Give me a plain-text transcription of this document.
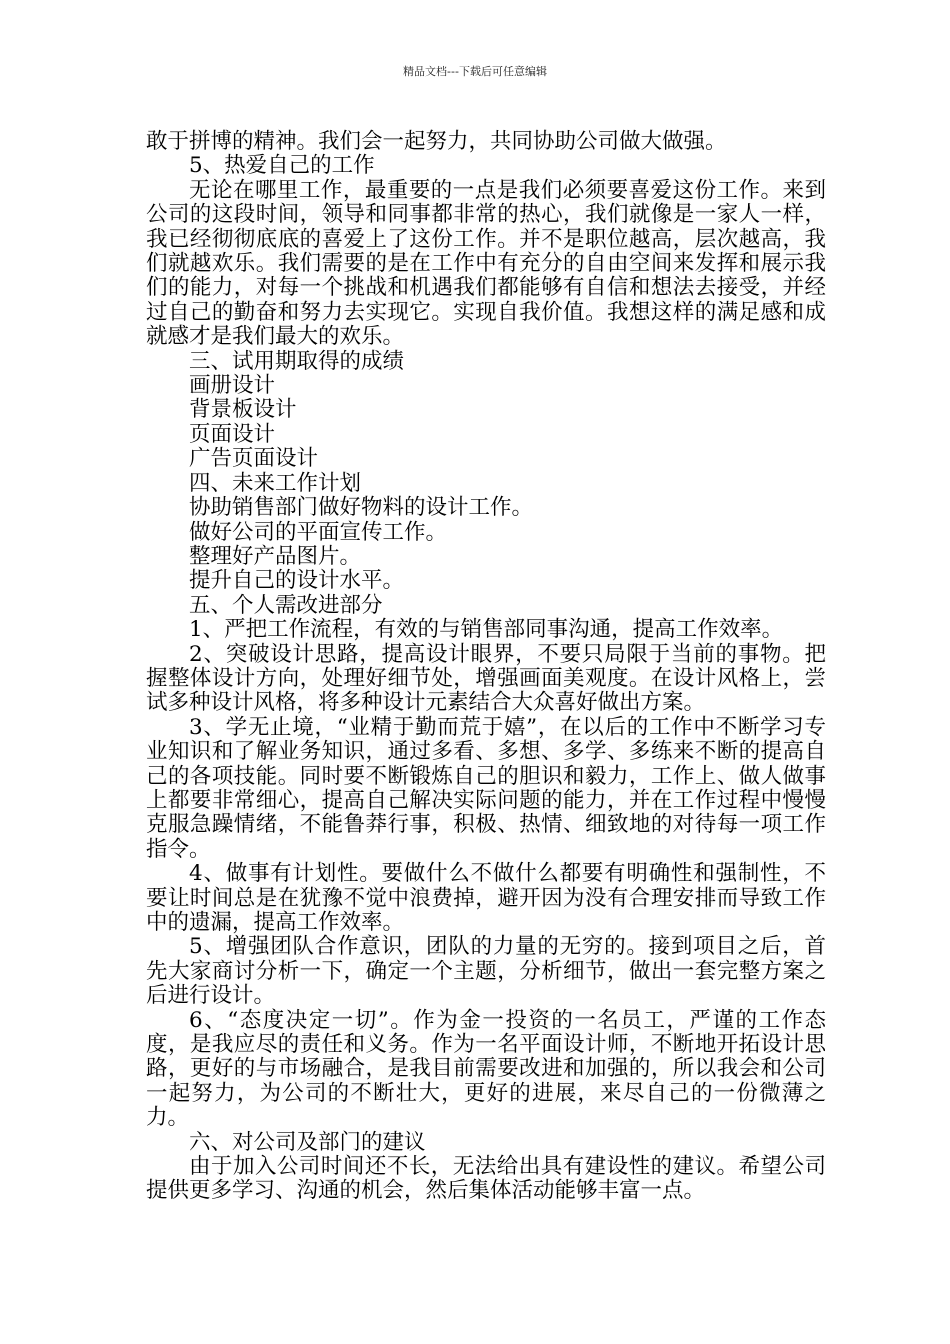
精品文档---下载后可任意编辑

敢于拼博的精神。我们会一起努力，共同协助公司做大做强。

5、热爱自己的工作

无论在哪里工作，最重要的一点是我们必须要喜爱这份工作。来到公司的这段时间，领导和同事都非常的热心，我们就像是一家人一样，我已经彻彻底底的喜爱上了这份工作。并不是职位越高，层次越高，我们就越欢乐。我们需要的是在工作中有充分的自由空间来发挥和展示我们的能力，对每一个挑战和机遇我们都能够有自信和想法去接受，并经过自己的勤奋和努力去实现它。实现自我价值。我想这样的满足感和成就感才是我们最大的欢乐。

三、试用期取得的成绩

画册设计

背景板设计

页面设计

广告页面设计

四、未来工作计划

协助销售部门做好物料的设计工作。

做好公司的平面宣传工作。

整理好产品图片。

提升自己的设计水平。

五、个人需改进部分

1、严把工作流程，有效的与销售部同事沟通，提高工作效率。

2、突破设计思路，提高设计眼界，不要只局限于当前的事物。把握整体设计方向，处理好细节处，增强画面美观度。在设计风格上，尝试多种设计风格，将多种设计元素结合大众喜好做出方案。

3、学无止境，“业精于勤而荒于嬉”，在以后的工作中不断学习专业知识和了解业务知识，通过多看、多想、多学、多练来不断的提高自己的各项技能。同时要不断锻炼自己的胆识和毅力，工作上、做人做事上都要非常细心，提高自己解决实际问题的能力，并在工作过程中慢慢克服急躁情绪，不能鲁莽行事，积极、热情、细致地的对待每一项工作指令。

4、做事有计划性。要做什么不做什么都要有明确性和强制性，不要让时间总是在犹豫不觉中浪费掉，避开因为没有合理安排而导致工作中的遗漏，提高工作效率。

5、增强团队合作意识，团队的力量的无穷的。接到项目之后，首先大家商讨分析一下，确定一个主题，分析细节，做出一套完整方案之后进行设计。

6、“态度决定一切”。作为金一投资的一名员工，严谨的工作态度，是我应尽的责任和义务。作为一名平面设计师，不断地开拓设计思路，更好的与市场融合，是我目前需要改进和加强的，所以我会和公司一起努力，为公司的不断壮大，更好的进展，来尽自己的一份微薄之力。

六、对公司及部门的建议

由于加入公司时间还不长，无法给出具有建设性的建议。希望公司提供更多学习、沟通的机会，然后集体活动能够丰富一点。
